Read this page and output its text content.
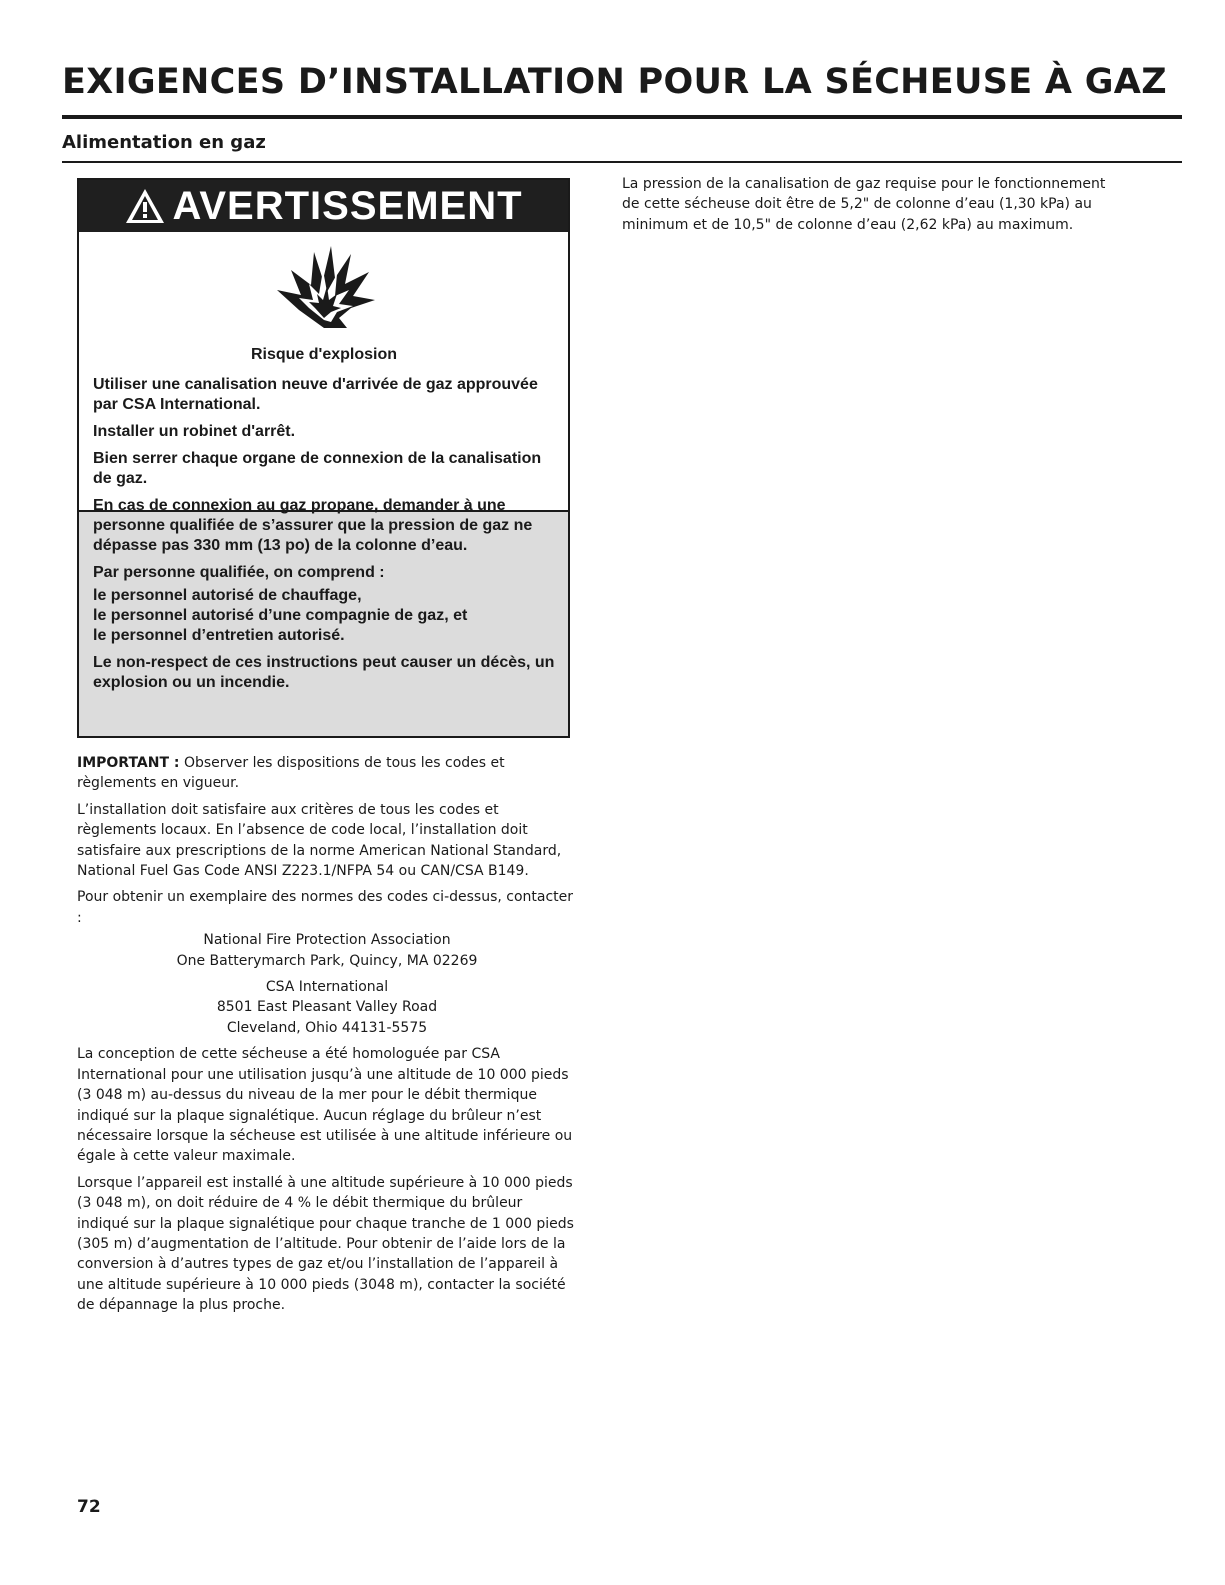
EXIGENCES D’INSTALLATION POUR LA SÉCHEUSE À GAZ
Alimentation en gaz
AVERTISSEMENT

Risque d'explosion

Utiliser une canalisation neuve d'arrivée de gaz approuvée par CSA International.

Installer un robinet d'arrêt.

Bien serrer chaque organe de connexion de la canalisation de gaz.

En cas de connexion au gaz propane, demander à une personne qualifiée de s’assurer que la pression de gaz ne dépasse pas 330 mm (13 po) de la colonne d’eau.

Par personne qualifiée, on comprend :

le personnel autorisé de chauffage,

le personnel autorisé d’une compagnie de gaz, et

le personnel d’entretien autorisé.

Le non-respect de ces instructions peut causer un décès, un explosion ou un incendie.

IMPORTANT : Observer les dispositions de tous les codes et règlements en vigueur.

L’installation doit satisfaire aux critères de tous les codes et règlements locaux. En l’absence de code local, l’installation doit satisfaire aux prescriptions de la norme American National Standard, National Fuel Gas Code ANSI Z223.1/NFPA 54 ou CAN/CSA B149.

Pour obtenir un exemplaire des normes des codes ci-dessus, contacter :

National Fire Protection Association

One Batterymarch Park, Quincy, MA 02269

CSA International

8501 East Pleasant Valley Road

Cleveland, Ohio 44131-5575

La conception de cette sécheuse a été homologuée par CSA International pour une utilisation jusqu’à une altitude de 10 000 pieds (3 048 m) au-dessus du niveau de la mer pour le débit thermique indiqué sur la plaque signalétique. Aucun réglage du brûleur n’est nécessaire lorsque la sécheuse est utilisée à une altitude inférieure ou égale à cette valeur maximale.

Lorsque l’appareil est installé à une altitude supérieure à 10 000 pieds (3 048 m), on doit réduire de 4 % le débit thermique du brûleur indiqué sur la plaque signalétique pour chaque tranche de 1 000 pieds (305 m) d’augmentation de l’altitude. Pour obtenir de l’aide lors de la conversion à d’autres types de gaz et/ou l’installation de l’appareil à une altitude supérieure à 10 000 pieds (3048 m), contacter la société de dépannage la plus proche.

La pression de la canalisation de gaz requise pour le fonctionnement de cette sécheuse doit être de 5,2" de colonne d’eau (1,30 kPa) au minimum et de 10,5" de colonne d’eau (2,62 kPa) au maximum.

72
